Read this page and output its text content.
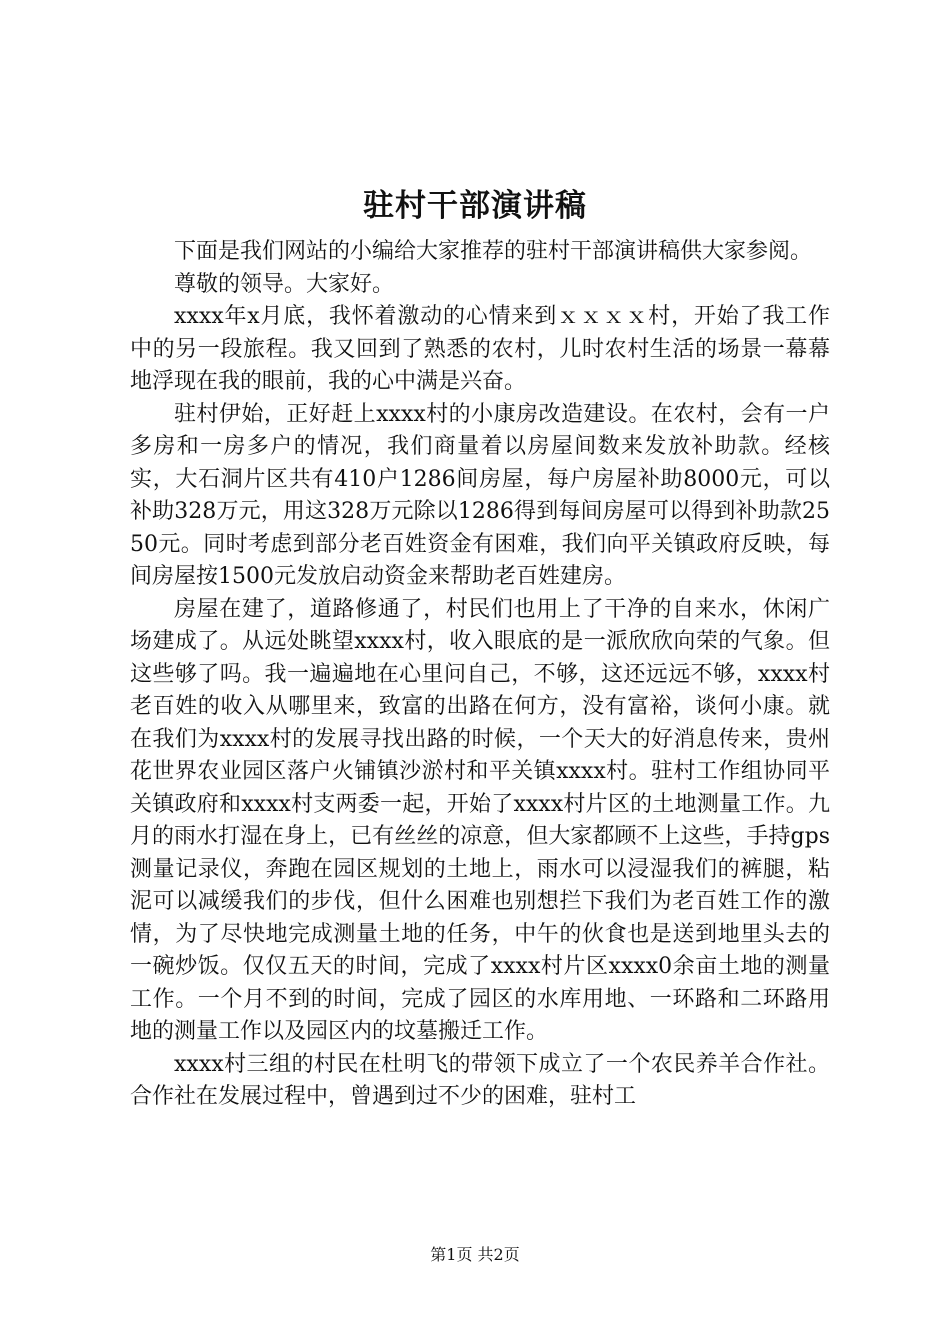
驻村干部演讲稿

下面是我们网站的小编给大家推荐的驻村干部演讲稿供大家参阅。

尊敬的领导。大家好。

xxxx年x月底，我怀着激动的心情来到ｘｘｘｘ村，开始了我工作中的另一段旅程。我又回到了熟悉的农村，儿时农村生活的场景一幕幕地浮现在我的眼前，我的心中满是兴奋。

驻村伊始，正好赶上xxxx村的小康房改造建设。在农村，会有一户多房和一房多户的情况，我们商量着以房屋间数来发放补助款。经核实，大石洞片区共有410户1286间房屋，每户房屋补助8000元，可以补助328万元，用这328万元除以1286得到每间房屋可以得到补助款2550元。同时考虑到部分老百姓资金有困难，我们向平关镇政府反映，每间房屋按1500元发放启动资金来帮助老百姓建房。

房屋在建了，道路修通了，村民们也用上了干净的自来水，休闲广场建成了。从远处眺望xxxx村，收入眼底的是一派欣欣向荣的气象。但这些够了吗。我一遍遍地在心里问自己，不够，这还远远不够，xxxx村老百姓的收入从哪里来，致富的出路在何方，没有富裕，谈何小康。就在我们为xxxx村的发展寻找出路的时候，一个天大的好消息传来，贵州花世界农业园区落户火铺镇沙淤村和平关镇xxxx村。驻村工作组协同平关镇政府和xxxx村支两委一起，开始了xxxx村片区的土地测量工作。九月的雨水打湿在身上，已有丝丝的凉意，但大家都顾不上这些，手持gps测量记录仪，奔跑在园区规划的土地上，雨水可以浸湿我们的裤腿，粘泥可以减缓我们的步伐，但什么困难也别想拦下我们为老百姓工作的激情，为了尽快地完成测量土地的任务，中午的伙食也是送到地里头去的一碗炒饭。仅仅五天的时间，完成了xxxx村片区xxxx0余亩土地的测量工作。一个月不到的时间，完成了园区的水库用地、一环路和二环路用地的测量工作以及园区内的坟墓搬迁工作。

xxxx村三组的村民在杜明飞的带领下成立了一个农民养羊合作社。合作社在发展过程中，曾遇到过不少的困难，驻村工

第1页 共2页
